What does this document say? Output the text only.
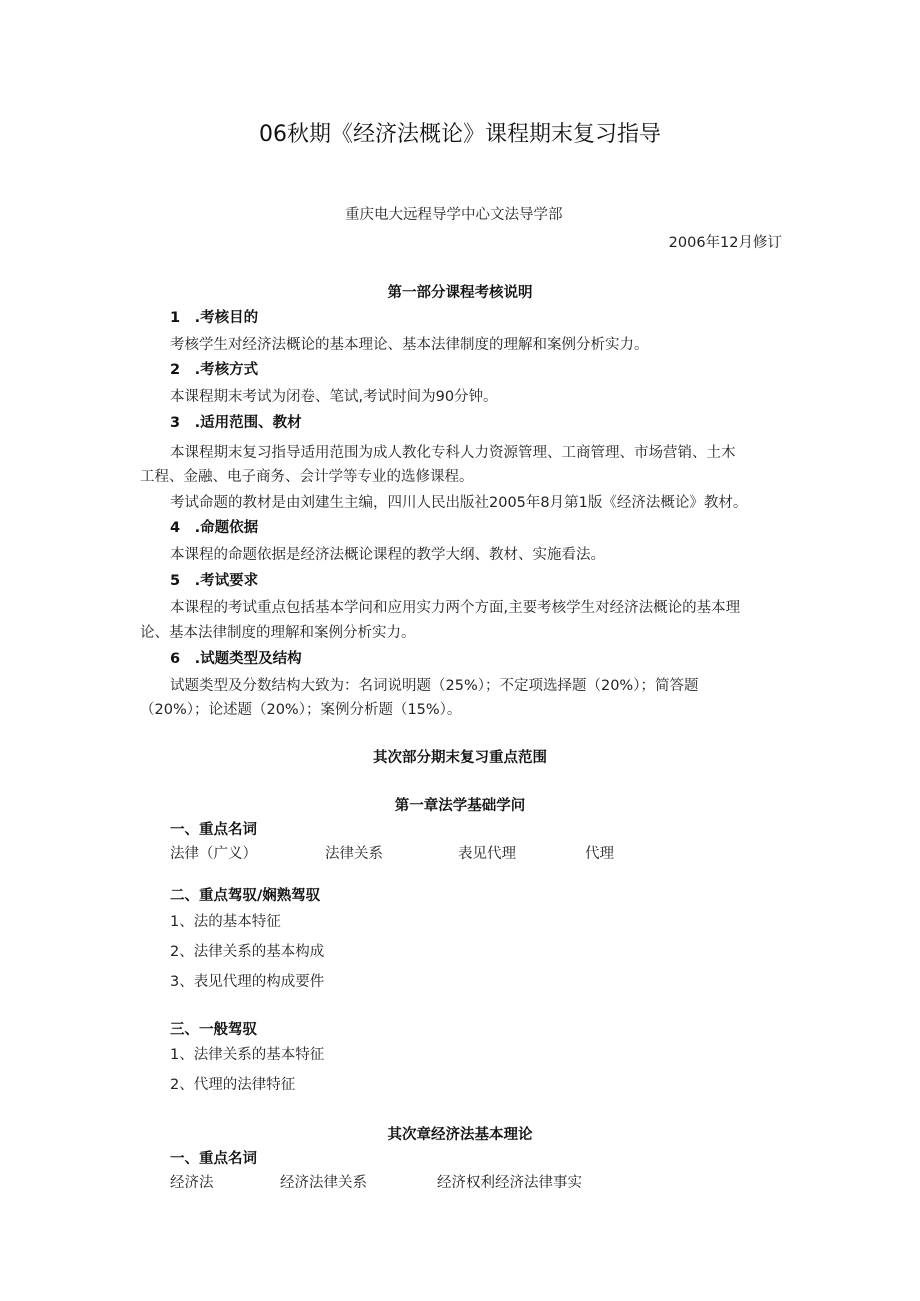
06秋期《经济法概论》课程期末复习指导
重庆电大远程导学中心文法导学部
2006年12月修订
第一部分课程考核说明
1　.考核目的
考核学生对经济法概论的基本理论、基本法律制度的理解和案例分析实力。
2　.考核方式
本课程期末考试为闭卷、笔试,考试时间为90分钟。
3　.适用范围、教材
本课程期末复习指导适用范围为成人教化专科人力资源管理、工商管理、市场营销、土木
工程、金融、电子商务、会计学等专业的选修课程。
考试命题的教材是由刘建生主编，四川人民出版社2005年8月第1版《经济法概论》教材。
4　.命题依据
本课程的命题依据是经济法概论课程的教学大纲、教材、实施看法。
5　.考试要求
本课程的考试重点包括基本学问和应用实力两个方面,主要考核学生对经济法概论的基本理
论、基本法律制度的理解和案例分析实力。
6　.试题类型及结构
试题类型及分数结构大致为：名词说明题（25%）；不定项选择题（20%）；简答题
（20%）；论述题（20%）；案例分析题（15%）。
其次部分期末复习重点范围
第一章法学基础学问
一、重点名词
法律（广义）	法律关系	表见代理	代理
二、重点驾驭/娴熟驾驭
1、法的基本特征
2、法律关系的基本构成
3、表见代理的构成要件
三、一般驾驭
1、法律关系的基本特征
2、代理的法律特征
其次章经济法基本理论
一、重点名词
经济法	经济法律关系	经济权利经济法律事实
